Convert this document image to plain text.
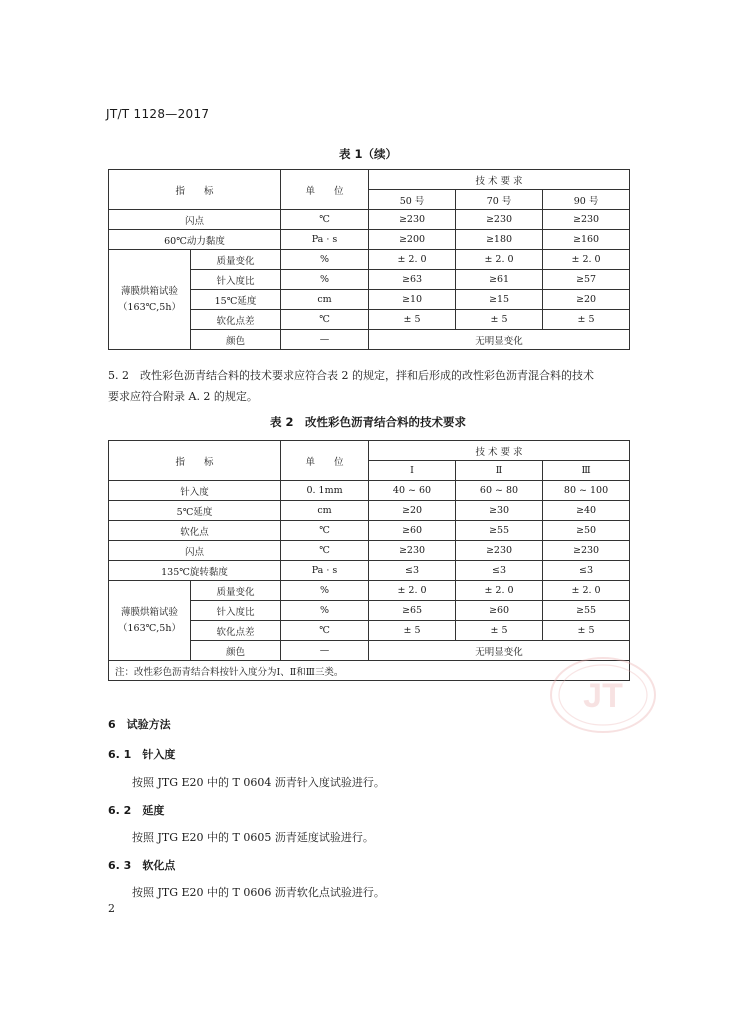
JT/T 1128—2017
表 1（续）
指　　标		单　　位	技 术 要 求		
			50 号	70 号	90 号
闪点		℃	≥230	≥230	≥230
60℃动力黏度		Pa · s	≥200	≥180	≥160

薄膜烘箱试验
（163℃,5h）	质量变化	%	± 2. 0	± 2. 0	± 2. 0
	针入度比	%	≥63	≥61	≥57
	15℃延度	cm	≥10	≥15	≥20
	软化点差	℃	± 5	± 5	± 5
	颜色	—	无明显变化		
5. 2　改性彩色沥青结合料的技术要求应符合表 2 的规定，拌和后形成的改性彩色沥青混合料的技术
要求应符合附录 A. 2 的规定。
表 2　改性彩色沥青结合料的技术要求
指　　标		单　　位	技 术 要 求		
			Ⅰ	Ⅱ	Ⅲ
针入度		0. 1mm	40 ~ 60	60 ~ 80	80 ~ 100
5℃延度		cm	≥20	≥30	≥40
软化点		℃	≥60	≥55	≥50
闪点		℃	≥230	≥230	≥230
135℃旋转黏度		Pa · s	≤3	≤3	≤3

薄膜烘箱试验
（163℃,5h）	质量变化	%	± 2. 0	± 2. 0	± 2. 0
	针入度比	%	≥65	≥60	≥55
	软化点差	℃	± 5	± 5	± 5
	颜色	—	无明显变化		
注：改性彩色沥青结合料按针入度分为Ⅰ、Ⅱ和Ⅲ三类。					
6　试验方法
6. 1　针入度
按照 JTG E20 中的 T 0604 沥青针入度试验进行。
6. 2　延度
按照 JTG E20 中的 T 0605 沥青延度试验进行。
6. 3　软化点
按照 JTG E20 中的 T 0606 沥青软化点试验进行。
2
JT
